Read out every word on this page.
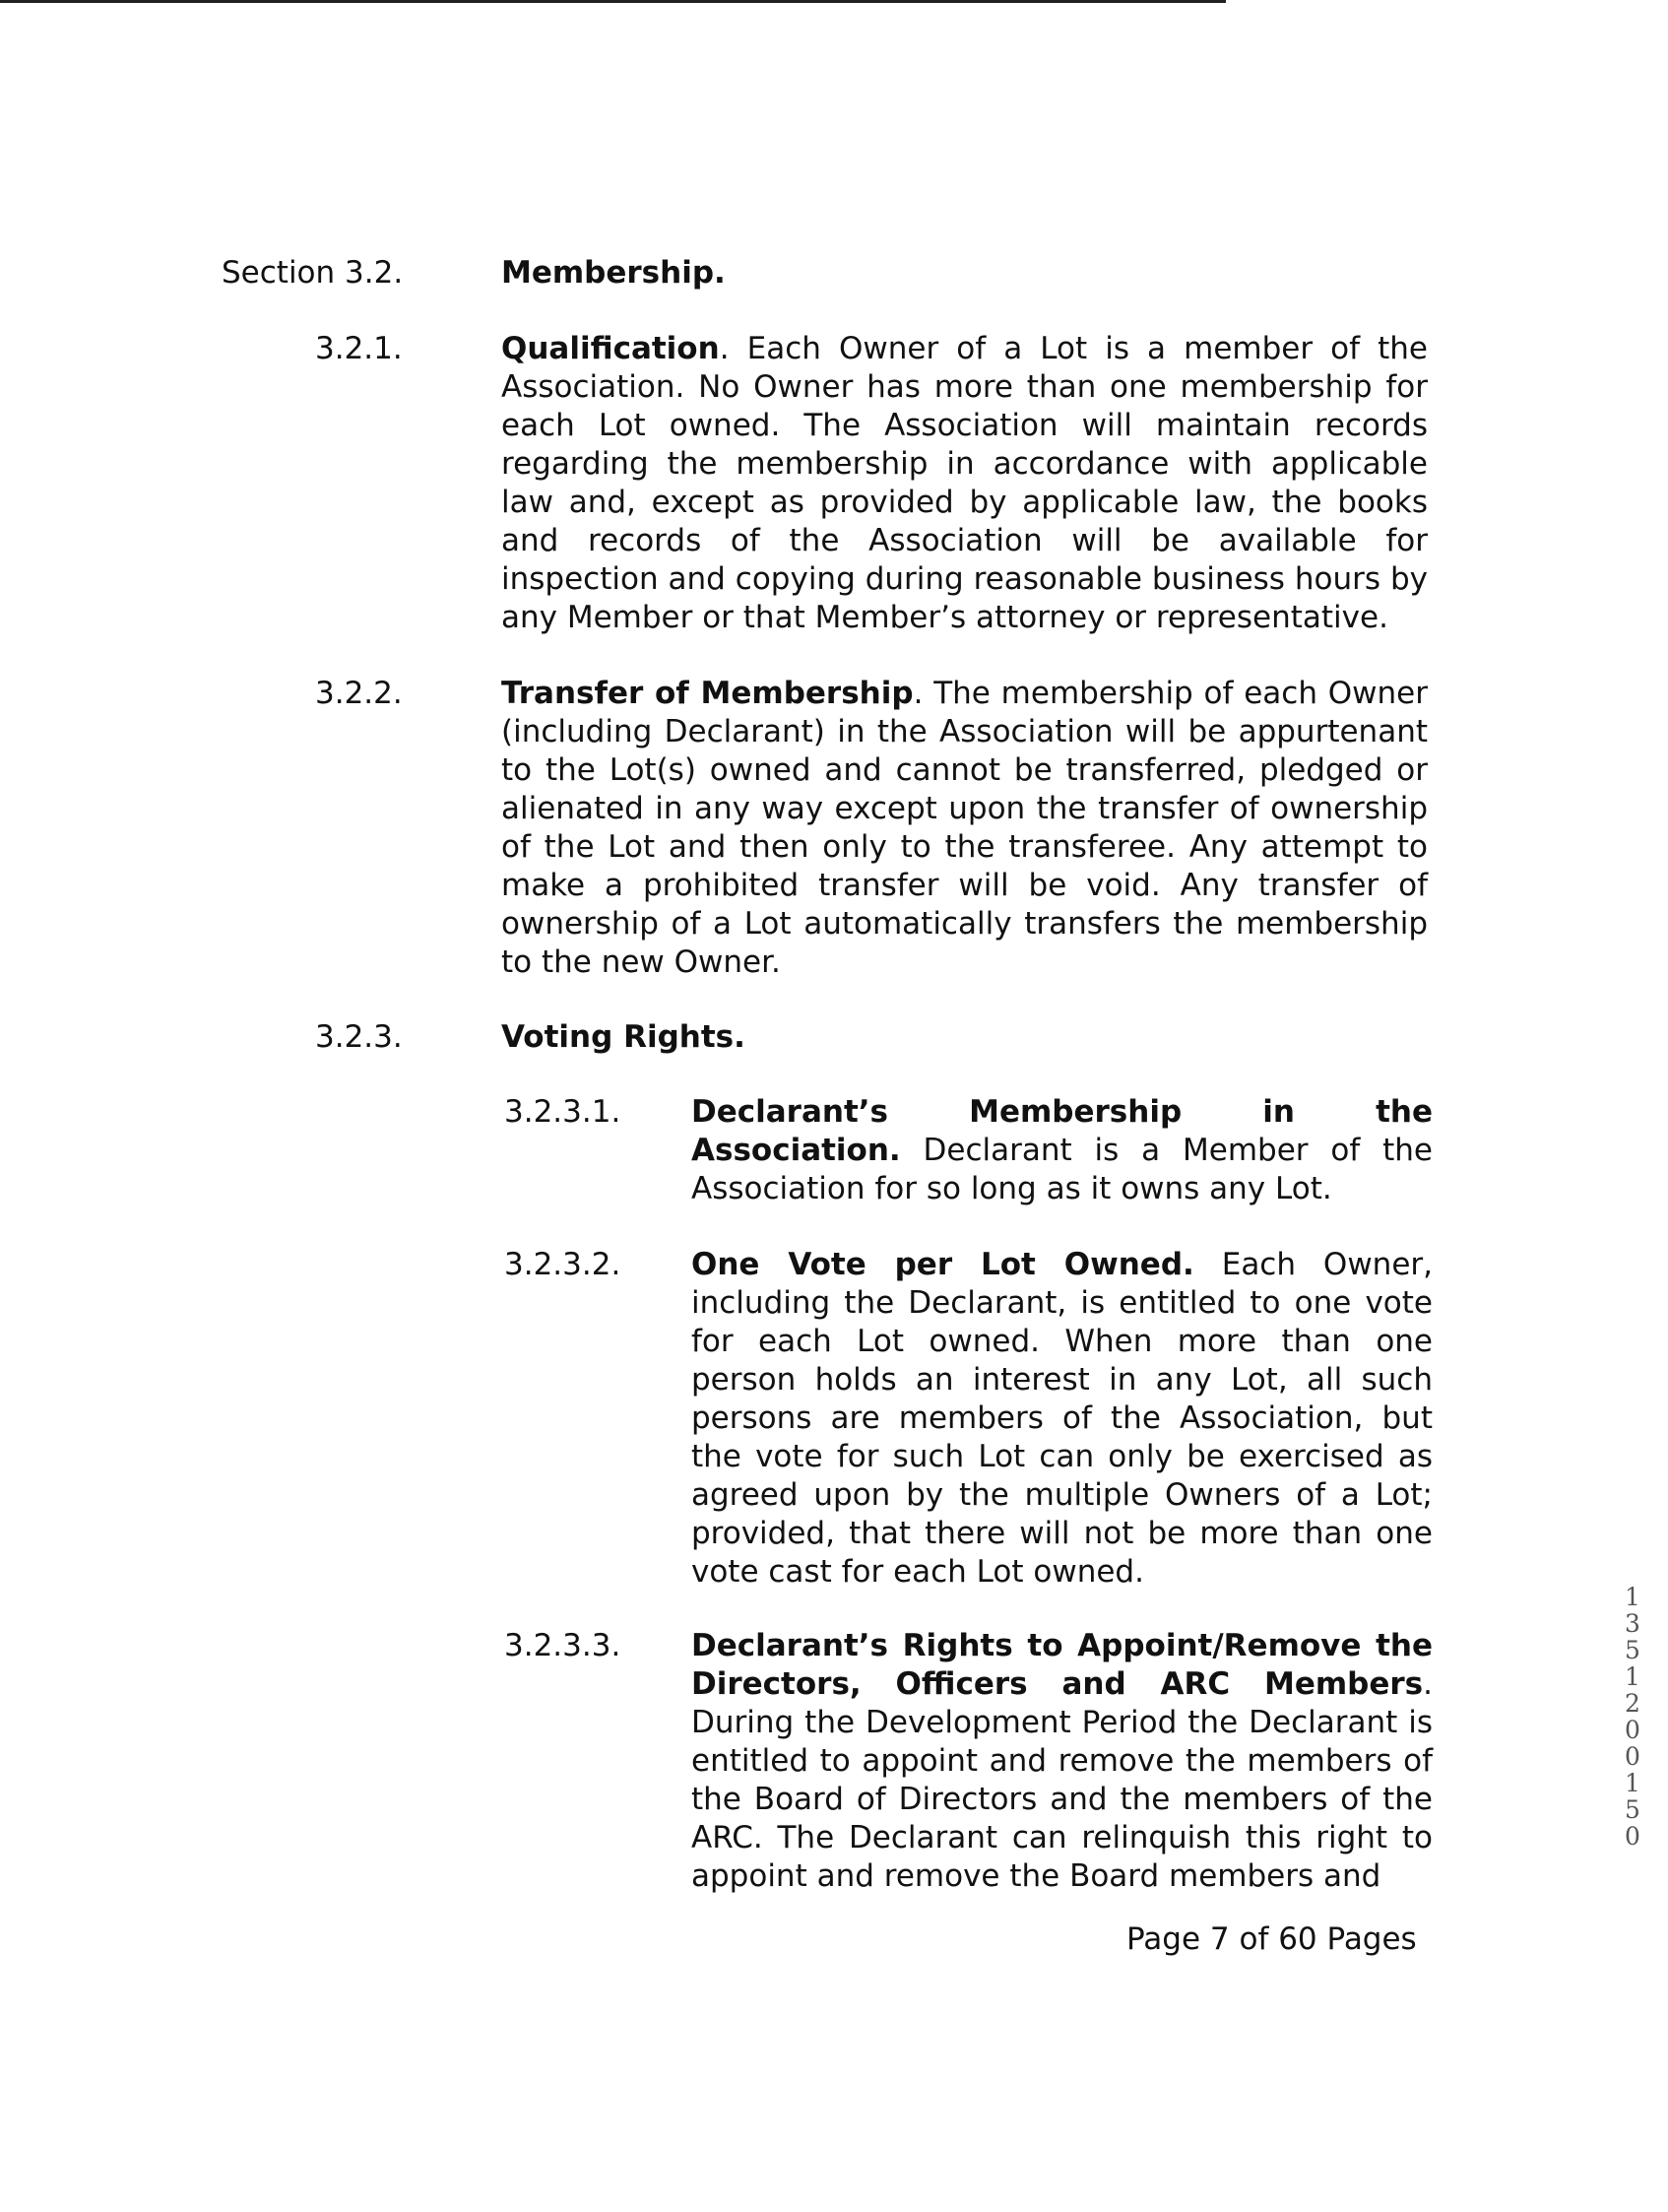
Section 3.2.	Membership.
3.2.1.	Qualification. Each Owner of a Lot is a member of the Association. No Owner has more than one membership for each Lot owned. The Association will maintain records regarding the membership in accordance with applicable law and, except as provided by applicable law, the books and records of the Association will be available for inspection and copying during reasonable business hours by any Member or that Member’s attorney or representative.

3.2.2.	Transfer of Membership. The membership of each Owner (including Declarant) in the Association will be appurtenant to the Lot(s) owned and cannot be transferred, pledged or alienated in any way except upon the transfer of ownership of the Lot and then only to the transferee. Any attempt to make a prohibited transfer will be void. Any transfer of ownership of a Lot automatically transfers the membership to the new Owner.

3.2.3.	Voting Rights.
3.2.3.1. Declarant’s Membership in the Association. Declarant is a Member of the Association for so long as it owns any Lot.

3.2.3.2. One Vote per Lot Owned. Each Owner, including the Declarant, is entitled to one vote for each Lot owned. When more than one person holds an interest in any Lot, all such persons are members of the Association, but the vote for such Lot can only be exercised as agreed upon by the multiple Owners of a Lot; provided, that there will not be more than one vote cast for each Lot owned.

3.2.3.3. Declarant’s Rights to Appoint/Remove the Directors, Officers and ARC Members. During the Development Period the Declarant is entitled to appoint and remove the members of the Board of Directors and the members of the ARC. The Declarant can relinquish this right to appoint and remove the Board members and

Page 7 of 60 Pages
13512 00150
